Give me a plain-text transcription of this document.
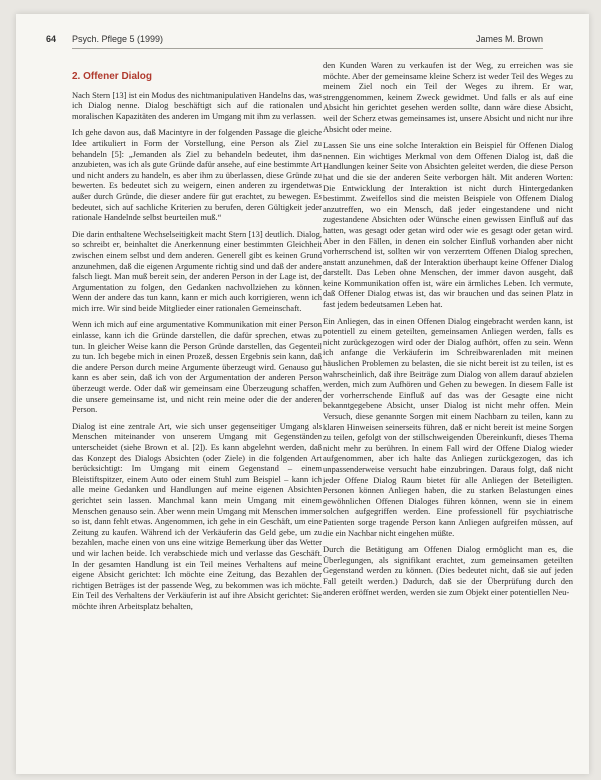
64 Psych. Pflege 5 (1999)	James M. Brown
2. Offener Dialog

Nach Stern [13] ist ein Modus des nichtmanipulativen Handelns das, was ich Dialog nenne. Dialog beschäftigt sich auf die rationalen und moralischen Kapazitäten des anderen im Umgang mit ihm zu verlassen.

Ich gehe davon aus, daß Macintyre in der folgenden Passage die gleiche Idee artikuliert in Form der Vorstellung, eine Person als Ziel zu behandeln [5]: „Jemanden als Ziel zu behandeln bedeutet, ihm das anzubieten, was ich als gute Gründe dafür ansehe, auf eine bestimmte Art und nicht anders zu handeln, es aber ihm zu überlassen, diese Gründe zu bewerten. Es bedeutet sich zu weigern, einen anderen zu irgendetwas außer durch Gründe, die dieser andere für gut erachtet, zu bewegen. Es bedeutet, sich auf sachliche Kriterien zu berufen, deren Gültigkeit jeder rationale Handelnde selbst beurteilen muß.“

Die darin enthaltene Wechselseitigkeit macht Stern [13] deutlich. Dialog, so schreibt er, beinhaltet die Anerkennung einer bestimmten Gleichheit zwischen einem selbst und dem anderen. Generell gibt es keinen Grund anzunehmen, daß die eigenen Argumente richtig sind und daß der andere falsch liegt. Man muß bereit sein, der anderen Person in der Lage ist, der Argumentation zu folgen, den Gedanken nachvollziehen zu können. Wenn der andere das tun kann, kann er mich auch korrigieren, wenn ich mich irre. Wir sind beide Mitglieder einer rationalen Gemeinschaft.

Wenn ich mich auf eine argumentative Kommunikation mit einer Person einlasse, kann ich die Gründe darstellen, die dafür sprechen, etwas zu tun. In gleicher Weise kann die Person Gründe darstellen, das Gegenteil zu tun. Ich begebe mich in einen Prozeß, dessen Ergebnis sein kann, daß die andere Person durch meine Argumente überzeugt wird. Genauso gut kann es aber sein, daß ich von der Argumentation der anderen Person überzeugt werde. Oder daß wir gemeinsam eine Überzeugung schaffen, die unsere gemeinsame ist, und nicht rein meine oder die der anderen Person.

Dialog ist eine zentrale Art, wie sich unser gegenseitiger Umgang als Menschen miteinander von unserem Umgang mit Gegenständen unterscheidet (siehe Brown et al. [2]). Es kann abgelehnt werden, daß das Konzept des Dialogs Absichten (oder Ziele) in die folgenden Art berücksichtigt: Im Umgang mit einem Gegenstand – einem Bleistiftspitzer, einem Auto oder einem Stuhl zum Beispiel – kann ich alle meine Gedanken und Handlungen auf meine eigenen Absichten gerichtet sein lassen. Manchmal kann mein Umgang mit einem Menschen genauso sein. Aber wenn mein Umgang mit Menschen immer so ist, dann fehlt etwas. Angenommen, ich gehe in ein Geschäft, um eine Zeitung zu kaufen. Während ich der Verkäuferin das Geld gebe, um zu bezahlen, mache einen von uns eine witzige Bemerkung über das Wetter und wir lachen beide. Ich verabschiede mich und verlasse das Geschäft. In der gesamten Handlung ist ein Teil meines Verhaltens auf meine eigene Absicht gerichtet: Ich möchte eine Zeitung, das Bezahlen der richtigen Beträges ist der passende Weg, zu bekommen was ich möchte. Ein Teil des Verhaltens der Verkäuferin ist auf ihre Absicht gerichtet: Sie möchte ihren Arbeitsplatz behalten,

den Kunden Waren zu verkaufen ist der Weg, zu erreichen was sie möchte. Aber der gemeinsame kleine Scherz ist weder Teil des Weges zu meinem Ziel noch ein Teil der Weges zu ihrem. Er war, strenggenommen, keinem Zweck gewidmet. Und falls er als auf eine Absicht hin gerichtet gesehen werden sollte, dann wäre diese Absicht, weil der Scherz etwas gemeinsames ist, unsere Absicht und nicht nur ihre Absicht oder meine.

Lassen Sie uns eine solche Interaktion ein Beispiel für Offenen Dialog nennen. Ein wichtiges Merkmal von dem Offenen Dialog ist, daß die Handlungen keiner Seite von Absichten geleitet werden, die diese Person hat und die sie der anderen Seite verborgen hält. Mit anderen Worten: Die Entwicklung der Interaktion ist nicht durch Hintergedanken bestimmt. Zweifellos sind die meisten Beispiele von Offenem Dialog anzutreffen, wo ein Mensch, daß jeder eingestandene und nicht zugestandene Absichten oder Wünsche einen gewissen Einfluß auf das hatten, was gesagt oder getan wird oder wie es gesagt oder getan wird. Aber in den Fällen, in denen ein solcher Einfluß vorhanden aber nicht vorherrschend ist, sollten wir von verzerrtem Offenen Dialog sprechen, anstatt anzunehmen, daß der Interaktion überhaupt keine Offener Dialog darstellt. Das Leben ohne Menschen, der immer davon ausgeht, daß keine Kommunikation offen ist, wäre ein ärmliches Leben. Ich vermute, daß Offener Dialog etwas ist, das wir brauchen und das seinen Platz in fast jedem bedeutsamen Leben hat.

Ein Anliegen, das in einen Offenen Dialog eingebracht werden kann, ist potentiell zu einem geteilten, gemeinsamen Anliegen werden, falls es nicht zurückgezogen wird oder der Dialog aufhört, offen zu sein. Wenn ich anfange die Verkäuferin im Schreibwarenladen mit meinen häuslichen Problemen zu belasten, die sie nicht bereit ist zu teilen, ist es wahrscheinlich, daß ihre Beiträge zum Dialog von allem darauf abzielen werden, mich zum Aufhören und Gehen zu bewegen. In diesem Falle ist der vorherrschende Einfluß auf das was der Gesagte eine nicht bekanntgegebene Absicht, unser Dialog ist nicht mehr offen. Mein Versuch, diese genannte Sorgen mit einem Nachbarn zu teilen, kann zu klaren Hinweisen seinerseits führen, daß er nicht bereit ist meine Sorgen zu teilen, gefolgt von der stillschweigenden Übereinkunft, dieses Thema nicht mehr zu berühren. In einem Fall wird der Offene Dialog wieder aufgenommen, aber ich halte das Anliegen zurückgezogen, das ich unpassenderweise versucht habe einzubringen. Daraus folgt, daß nicht jeder Offene Dialog Raum bietet für alle Anliegen der Beteiligten. Personen können Anliegen haben, die zu starken Belastungen eines gewöhnlichen Offenen Dialoges führen können, wenn sie in einem solchen aufgegriffen werden. Eine professionell für psychiatrische Patienten sorge tragende Person kann Anliegen aufgreifen müssen, auf die ein Nachbar nicht eingehen müßte.

Durch die Betätigung am Offenen Dialog ermöglicht man es, die Überlegungen, als signifikant erachtet, zum gemeinsamen geteilten Gegenstand werden zu können. (Dies bedeutet nicht, daß sie auf jeden Fall geteilt werden.) Dadurch, daß sie der Überprüfung durch den anderen eröffnet werden, werden sie zum Objekt einer potentiellen Neu-
